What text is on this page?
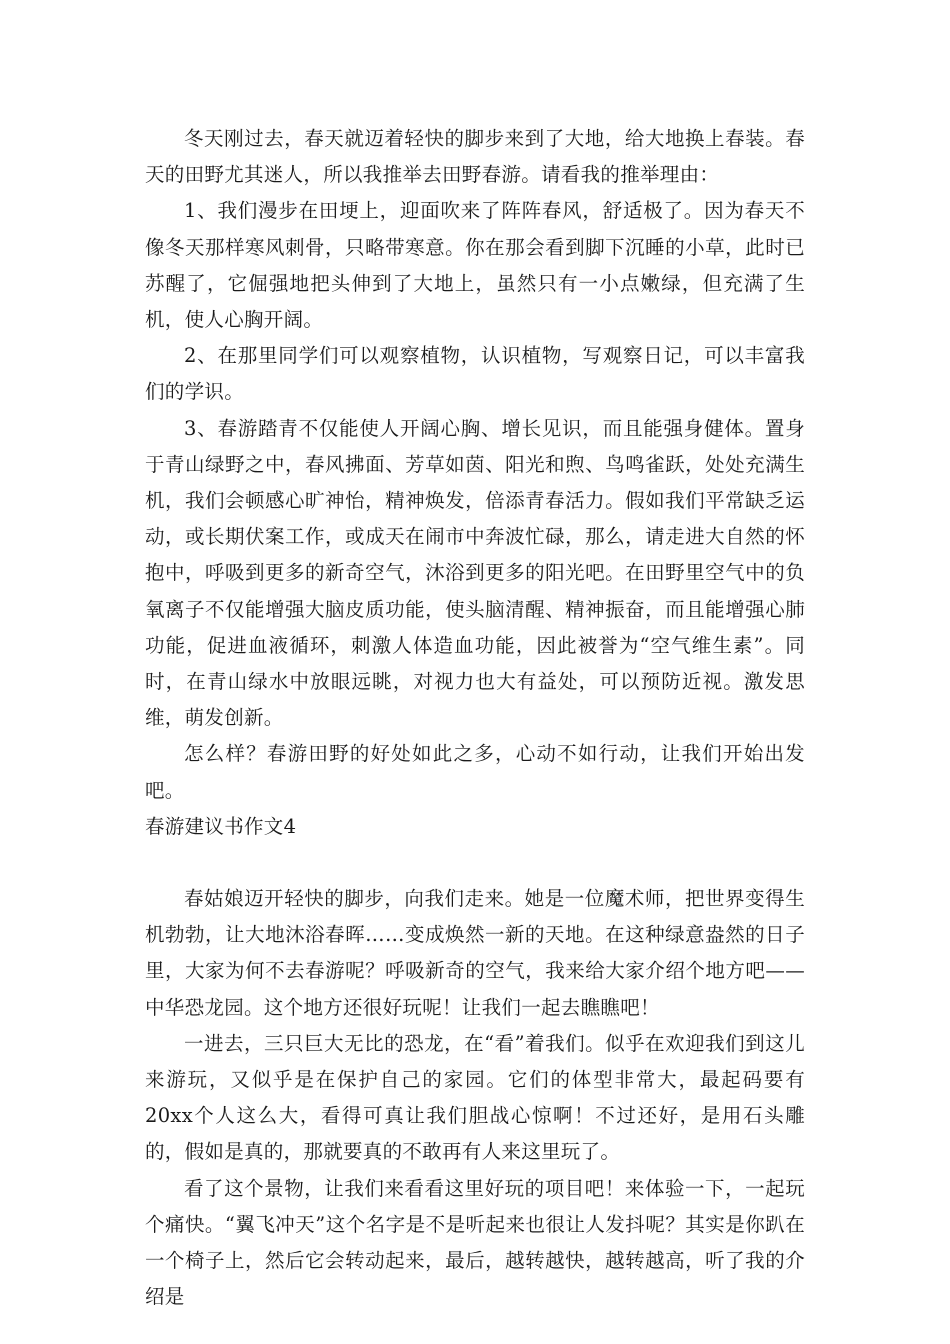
冬天刚过去，春天就迈着轻快的脚步来到了大地，给大地换上春装。春天的田野尤其迷人，所以我推举去田野春游。请看我的推举理由：

1、我们漫步在田埂上，迎面吹来了阵阵春风，舒适极了。因为春天不像冬天那样寒风刺骨，只略带寒意。你在那会看到脚下沉睡的小草，此时已苏醒了，它倔强地把头伸到了大地上，虽然只有一小点嫩绿，但充满了生机，使人心胸开阔。

2、在那里同学们可以观察植物，认识植物，写观察日记，可以丰富我们的学识。

3、春游踏青不仅能使人开阔心胸、增长见识，而且能强身健体。置身于青山绿野之中，春风拂面、芳草如茵、阳光和煦、鸟鸣雀跃，处处充满生机，我们会顿感心旷神怡，精神焕发，倍添青春活力。假如我们平常缺乏运动，或长期伏案工作，或成天在闹市中奔波忙碌，那么，请走进大自然的怀抱中，呼吸到更多的新奇空气，沐浴到更多的阳光吧。在田野里空气中的负氧离子不仅能增强大脑皮质功能，使头脑清醒、精神振奋，而且能增强心肺功能，促进血液循环，刺激人体造血功能，因此被誉为“空气维生素”。同时，在青山绿水中放眼远眺，对视力也大有益处，可以预防近视。激发思维，萌发创新。

怎么样？春游田野的好处如此之多，心动不如行动，让我们开始出发吧。

春游建议书作文4

春姑娘迈开轻快的脚步，向我们走来。她是一位魔术师，把世界变得生机勃勃，让大地沐浴春晖……变成焕然一新的天地。在这种绿意盎然的日子里，大家为何不去春游呢？呼吸新奇的空气，我来给大家介绍个地方吧——中华恐龙园。这个地方还很好玩呢！让我们一起去瞧瞧吧！

一进去，三只巨大无比的恐龙，在“看”着我们。似乎在欢迎我们到这儿来游玩，又似乎是在保护自己的家园。它们的体型非常大，最起码要有20xx个人这么大，看得可真让我们胆战心惊啊！不过还好，是用石头雕的，假如是真的，那就要真的不敢再有人来这里玩了。

看了这个景物，让我们来看看这里好玩的项目吧！来体验一下，一起玩个痛快。“翼飞冲天”这个名字是不是听起来也很让人发抖呢？其实是你趴在一个椅子上，然后它会转动起来，最后，越转越快，越转越高，听了我的介绍是
